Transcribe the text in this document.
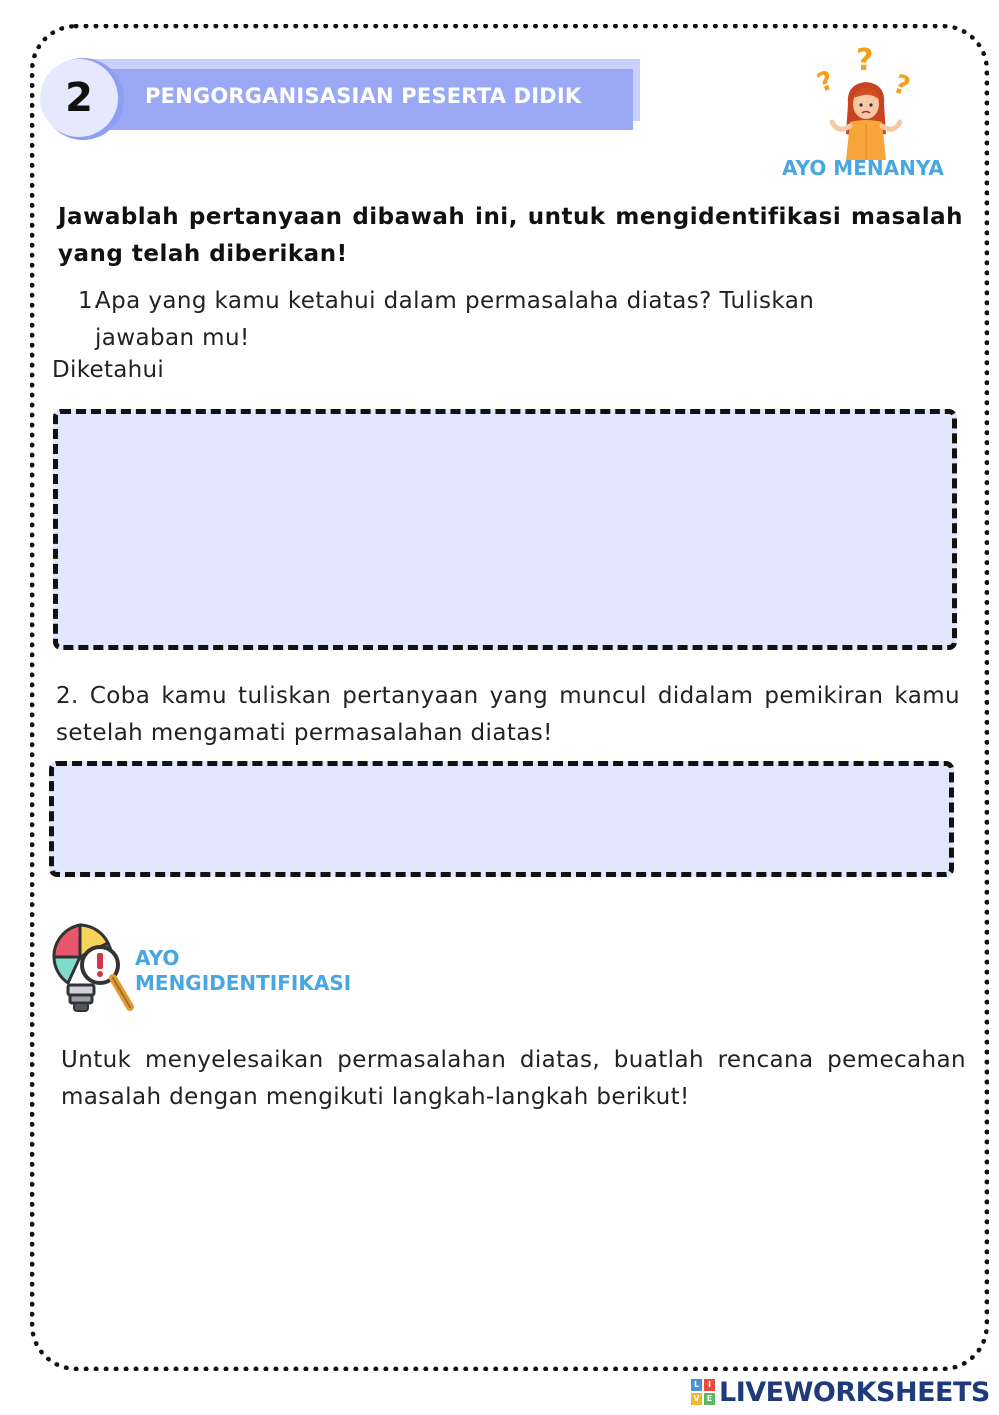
PENGORGANISASIAN PESERTA DIDIK
2	?
?
?
AYO MENANYA
Jawablah pertanyaan dibawah ini, untuk mengidentifikasi masalah yang telah diberikan!
1.
Apa yang kamu ketahui dalam permasalaha diatas? Tuliskan
jawaban mu!
Diketahui
2. Coba kamu tuliskan pertanyaan yang muncul didalam pemikiran kamu setelah mengamati permasalahan diatas!
AYO
MENGIDENTIFIKASI
Untuk menyelesaikan permasalahan diatas, buatlah rencana pemecahan masalah dengan mengikuti langkah-langkah berikut!
L	I
V E LIVEWORKSHEETS
